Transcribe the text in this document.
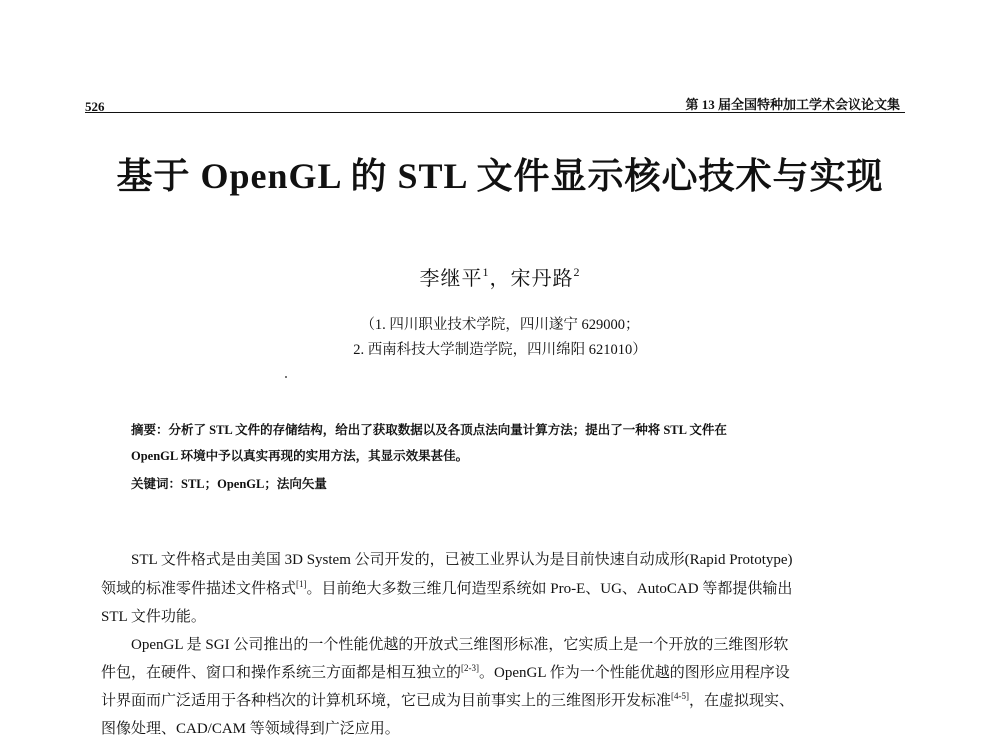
526	第 13 届全国特种加工学术会议论文集
基于 OpenGL 的 STL 文件显示核心技术与实现
李继平$^1$，宋丹路$^2$
（1. 四川职业技术学院，四川遂宁 629000；
2. 西南科技大学制造学院，四川绵阳 621010）
摘要：分析了 STL 文件的存储结构，给出了获取数据以及各顶点法向量计算方法；提出了一种将 STL 文件在
OpenGL 环境中予以真实再现的实用方法，其显示效果甚佳。
关键词：STL；OpenGL；法向矢量
STL 文件格式是由美国 3D System 公司开发的，已被工业界认为是目前快速自动成形(Rapid Prototype)
领域的标准零件描述文件格式[1]。目前绝大多数三维几何造型系统如 Pro-E、UG、AutoCAD 等都提供输出
STL 文件功能。
OpenGL 是 SGI 公司推出的一个性能优越的开放式三维图形标准，它实质上是一个开放的三维图形软
件包，在硬件、窗口和操作系统三方面都是相互独立的[2-3]。OpenGL 作为一个性能优越的图形应用程序设
计界面而广泛适用于各种档次的计算机环境，它已成为目前事实上的三维图形开发标准[4-5]，在虚拟现实、
图像处理、CAD/CAM 等领域得到广泛应用。
